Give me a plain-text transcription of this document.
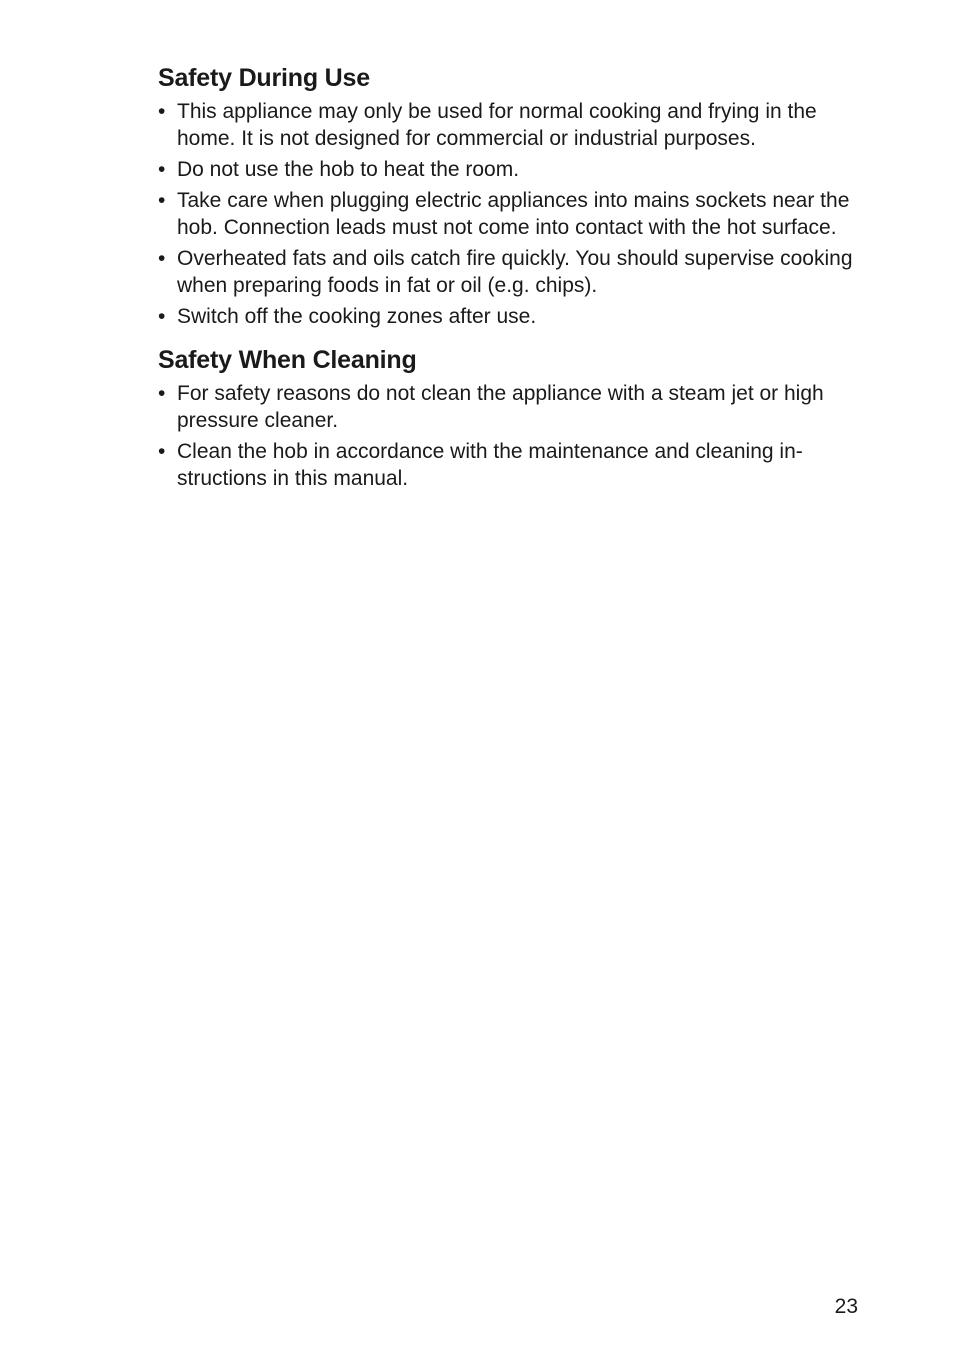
Safety During Use
• This appliance may only be used for normal cooking and frying in the home. It is not designed for commercial or industrial purposes.
• Do not use the hob to heat the room.
• Take care when plugging electric appliances into mains sockets near the hob. Connection leads must not come into contact with the hot surface.
• Overheated fats and oils catch fire quickly. You should supervise cooking when preparing foods in fat or oil (e.g. chips).
• Switch off the cooking zones after use.
Safety When Cleaning
• For safety reasons do not clean the appliance with a steam jet or high pressure cleaner.
• Clean the hob in accordance with the maintenance and cleaning instructions in this manual.
23
